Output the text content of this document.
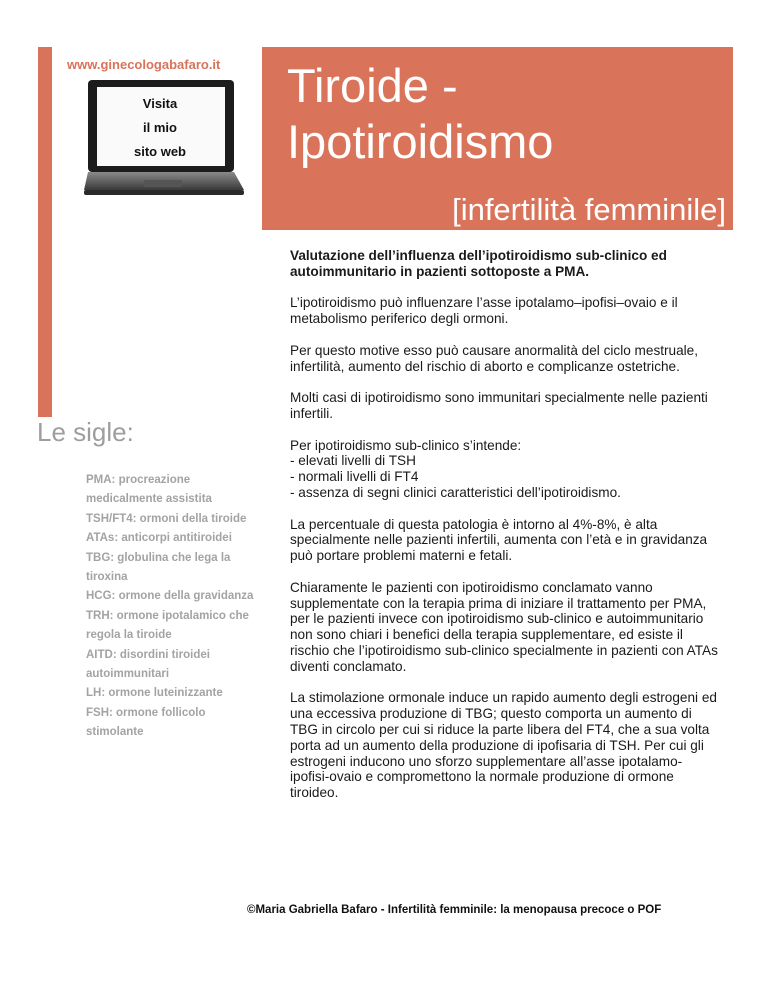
www.ginecologabafaro.it
Visita
il mio
sito web
Tiroide -
Ipotiroidismo
[infertilità femminile]
Le sigle:
PMA: procreazione medicalmente assistita
TSH/FT4: ormoni della tiroide
ATAs: anticorpi antitiroidei
TBG: globulina che lega la tiroxina
HCG: ormone della gravidanza
TRH: ormone ipotalamico che regola la tiroide
AITD: disordini tiroidei autoimmunitari
LH: ormone luteinizzante
FSH: ormone follicolo stimolante

Valutazione dell’influenza dell’ipotiroidismo sub-clinico ed autoimmunitario in pazienti sottoposte a PMA.

L’ipotiroidismo può influenzare l’asse ipotalamo–ipofisi–ovaio e il metabolismo periferico degli ormoni.

Per questo motive esso può causare anormalità del ciclo mestruale, infertilità, aumento del rischio di aborto e complicanze ostetriche.

Molti casi di ipotiroidismo sono immunitari specialmente nelle pazienti infertili.

Per ipotiroidismo sub-clinico s’intende:
- elevati livelli di TSH
- normali livelli di FT4
- assenza di segni clinici caratteristici dell’ipotiroidismo.

La percentuale di questa patologia è intorno al 4%-8%, è alta specialmente nelle pazienti infertili, aumenta con l’età e in gravidanza può portare problemi materni e fetali.

Chiaramente le pazienti con ipotiroidismo conclamato vanno supplementate con la terapia prima di iniziare il trattamento per PMA, per le pazienti invece con ipotiroidismo sub-clinico e autoimmunitario non sono chiari i benefici della terapia supplementare, ed esiste il rischio che l’ipotiroidismo sub-clinico specialmente in pazienti con ATAs diventi conclamato.

La stimolazione ormonale induce un rapido aumento degli estrogeni ed una eccessiva produzione di TBG; questo comporta un aumento di TBG in circolo per cui si riduce la parte libera del FT4, che a sua volta porta ad un aumento della produzione di ipofisaria di TSH. Per cui gli estrogeni inducono uno sforzo supplementare all’asse ipotalamo-ipofisi-ovaio e compromettono la normale produzione di ormone tiroideo.

©Maria Gabriella Bafaro - Infertilità femminile: la menopausa precoce o POF
